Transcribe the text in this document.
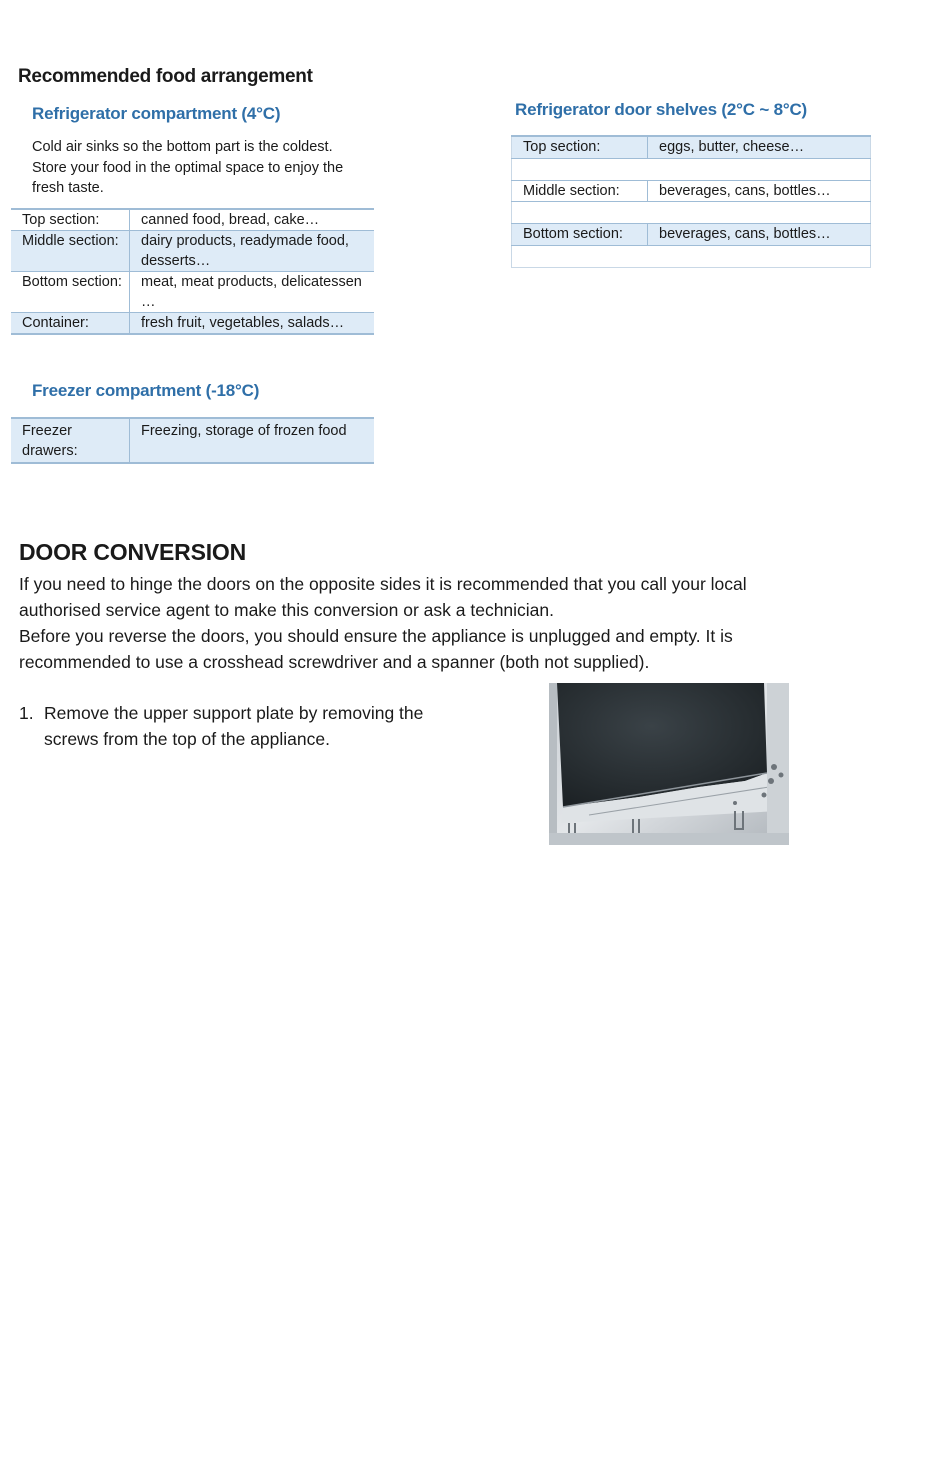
Recommended food arrangement
Refrigerator compartment (4°C)
Cold air sinks so the bottom part is the coldest.
Store your food in the optimal space to enjoy the
fresh taste.
Top section:	canned food, bread, cake…
Middle section:	dairy products, readymade food, desserts…
Bottom section:	meat, meat products, delicatessen …
Container:	fresh fruit, vegetables, salads…
Freezer compartment (-18°C)
Freezer drawers:	Freezing, storage of frozen food
Refrigerator door shelves (2°C ~ 8°C)
Top section:	eggs, butter, cheese…

Middle section:	beverages, cans, bottles…

Bottom section:	beverages, cans, bottles…

DOOR CONVERSION
If you need to hinge the doors on the opposite sides it is recommended that you call your local
authorised service agent to make this conversion or ask a technician.
Before you reverse the doors, you should ensure the appliance is unplugged and empty. It is
recommended to use a crosshead screwdriver and a spanner (both not supplied).
1. Remove the upper support plate by removing the
screws from the top of the appliance.
